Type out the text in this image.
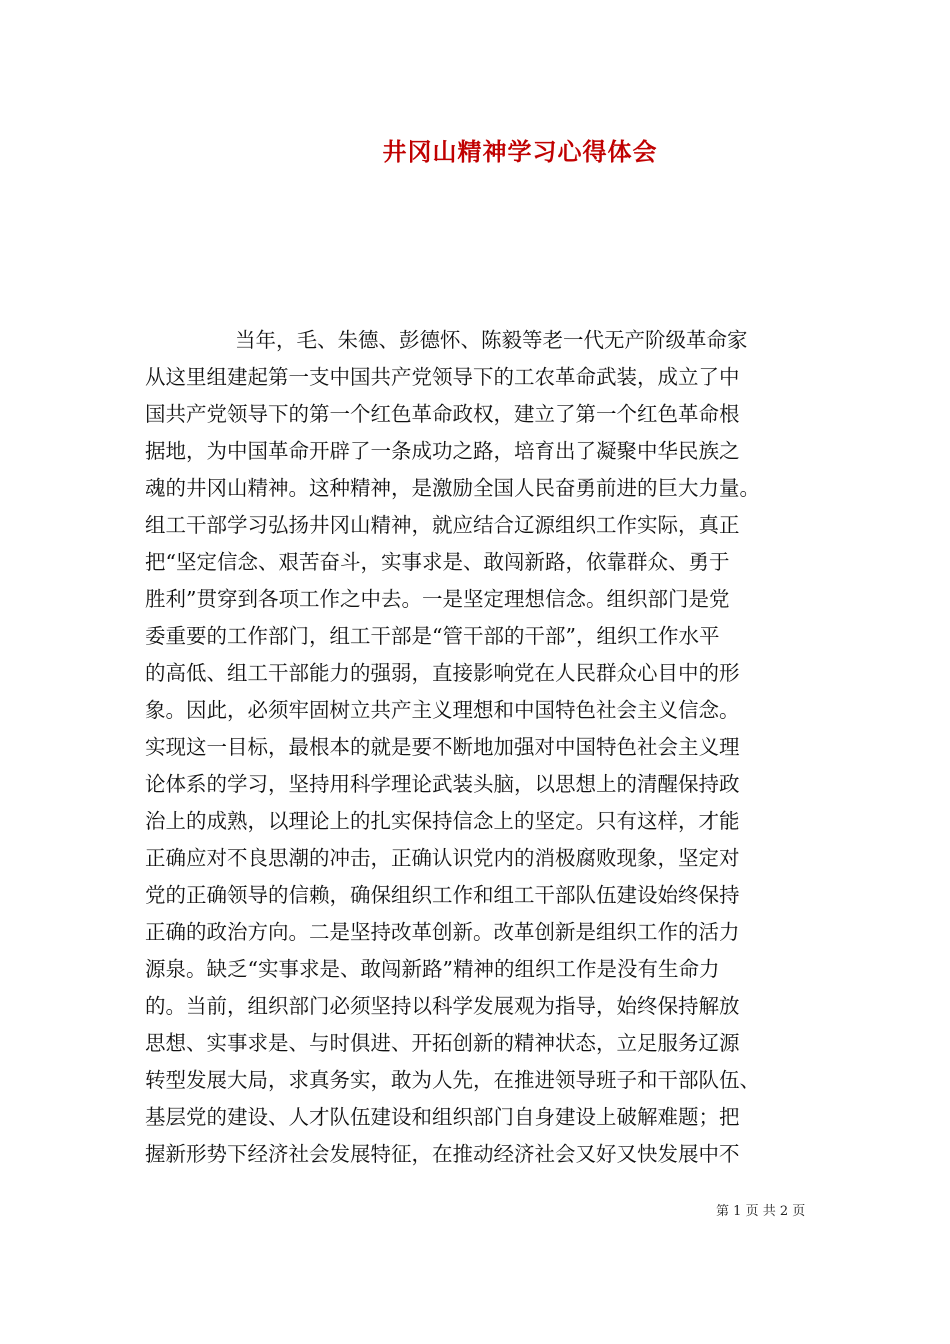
井冈山精神学习心得体会
当年，毛、朱德、彭德怀、陈毅等老一代无产阶级革命家
从这里组建起第一支中国共产党领导下的工农革命武装，成立了中
国共产党领导下的第一个红色革命政权，建立了第一个红色革命根
据地，为中国革命开辟了一条成功之路，培育出了凝聚中华民族之
魂的井冈山精神。这种精神，是激励全国人民奋勇前进的巨大力量。
组工干部学习弘扬井冈山精神，就应结合辽源组织工作实际，真正
把“坚定信念、艰苦奋斗，实事求是、敢闯新路，依靠群众、勇于
胜利”贯穿到各项工作之中去。一是坚定理想信念。组织部门是党
委重要的工作部门，组工干部是“管干部的干部”，组织工作水平
的高低、组工干部能力的强弱，直接影响党在人民群众心目中的形
象。因此，必须牢固树立共产主义理想和中国特色社会主义信念。
实现这一目标，最根本的就是要不断地加强对中国特色社会主义理
论体系的学习，坚持用科学理论武装头脑，以思想上的清醒保持政
治上的成熟，以理论上的扎实保持信念上的坚定。只有这样，才能
正确应对不良思潮的冲击，正确认识党内的消极腐败现象，坚定对
党的正确领导的信赖，确保组织工作和组工干部队伍建设始终保持
正确的政治方向。二是坚持改革创新。改革创新是组织工作的活力
源泉。缺乏“实事求是、敢闯新路”精神的组织工作是没有生命力
的。当前，组织部门必须坚持以科学发展观为指导，始终保持解放
思想、实事求是、与时俱进、开拓创新的精神状态，立足服务辽源
转型发展大局，求真务实，敢为人先，在推进领导班子和干部队伍、
基层党的建设、人才队伍建设和组织部门自身建设上破解难题；把
握新形势下经济社会发展特征，在推动经济社会又好又快发展中不
第 1 页 共 2 页
